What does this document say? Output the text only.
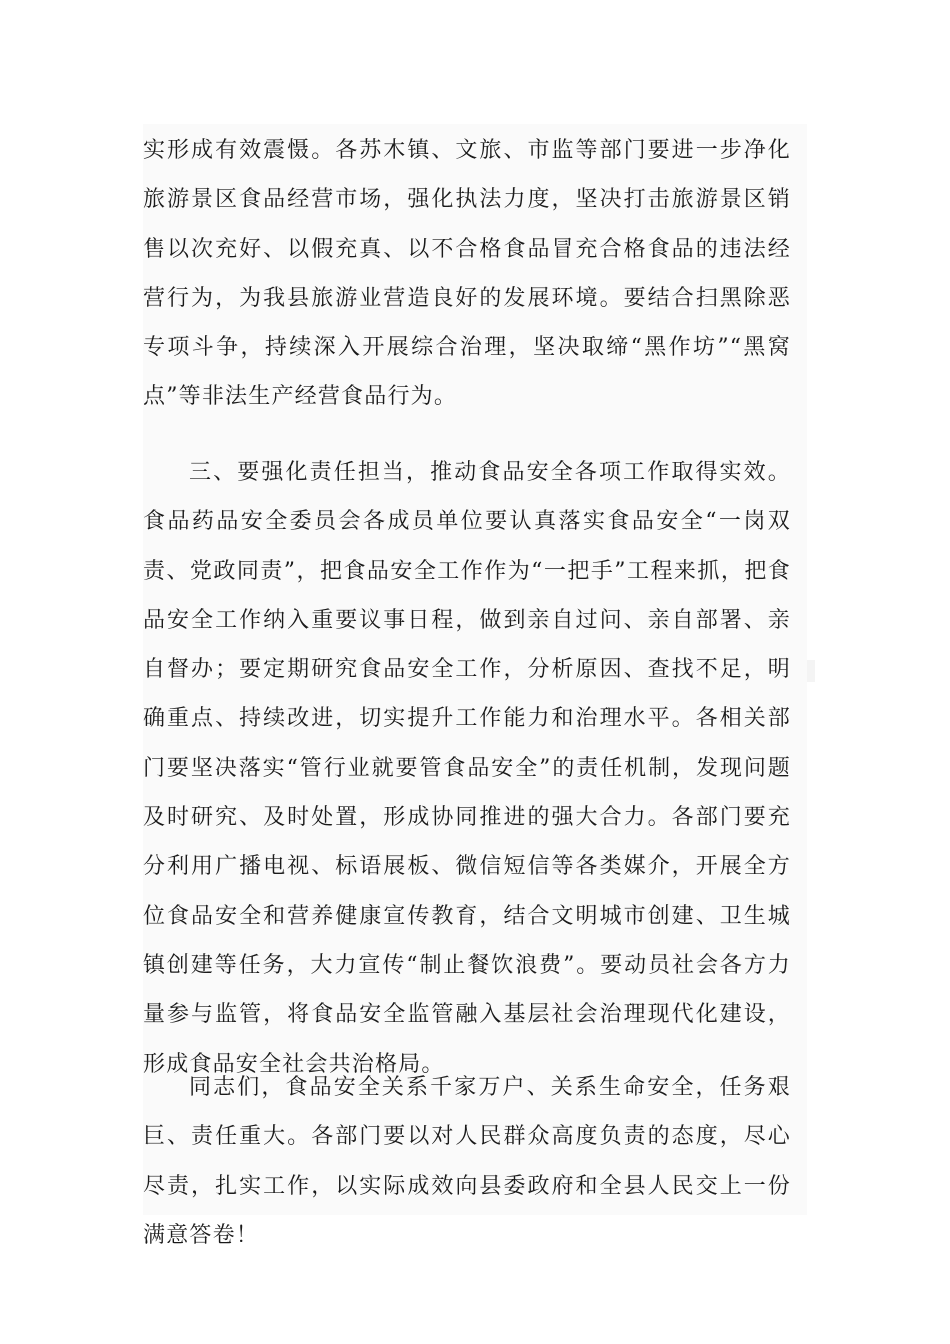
实形成有效震慑。各苏木镇、文旅、市监等部门要进一步净化旅游景区食品经营市场，强化执法力度，坚决打击旅游景区销售以次充好、以假充真、以不合格食品冒充合格食品的违法经营行为，为我县旅游业营造良好的发展环境。要结合扫黑除恶专项斗争，持续深入开展综合治理，坚决取缔“黑作坊”“黑窝点”等非法生产经营食品行为。

三、要强化责任担当，推动食品安全各项工作取得实效。食品药品安全委员会各成员单位要认真落实食品安全“一岗双责、党政同责”，把食品安全工作作为“一把手”工程来抓，把食品安全工作纳入重要议事日程，做到亲自过问、亲自部署、亲自督办；要定期研究食品安全工作，分析原因、查找不足，明确重点、持续改进，切实提升工作能力和治理水平。各相关部门要坚决落实“管行业就要管食品安全”的责任机制，发现问题及时研究、及时处置，形成协同推进的强大合力。各部门要充分利用广播电视、标语展板、微信短信等各类媒介，开展全方位食品安全和营养健康宣传教育，结合文明城市创建、卫生城镇创建等任务，大力宣传“制止餐饮浪费”。要动员社会各方力量参与监管，将食品安全监管融入基层社会治理现代化建设，形成食品安全社会共治格局。

同志们，食品安全关系千家万户、关系生命安全，任务艰巨、责任重大。各部门要以对人民群众高度负责的态度，尽心尽责，扎实工作，以实际成效向县委政府和全县人民交上一份满意答卷！
